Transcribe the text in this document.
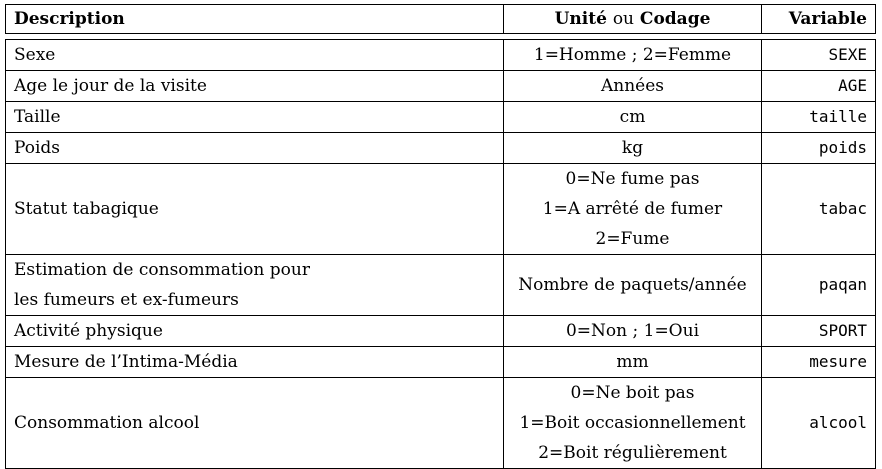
Description	Unité ou Codage	Variable

Sexe	1=Homme ; 2=Femme	SEXE

Age le jour de la visite	Années	AGE

Taille	cm	taille

Poids	kg	poids

Statut tabagique	0=Ne fume pas
1=A arrêté de fumer
2=Fume	tabac

Estimation de consommation pour
les fumeurs et ex-fumeurs	Nombre de paquets/année	paqan

Activité physique	0=Non ; 1=Oui	SPORT

Mesure de l’Intima-Média	mm	mesure

Consommation alcool	0=Ne boit pas
1=Boit occasionnellement
2=Boit régulièrement	alcool
